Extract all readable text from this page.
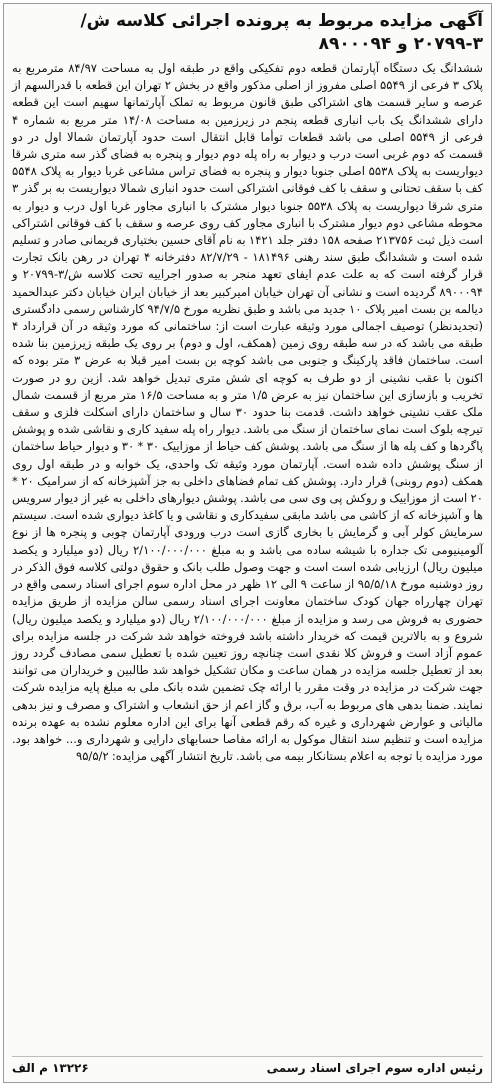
آگهی مزایده مربوط به پرونده اجرائی کلاسه ش/ ۳-۲۰۷۹۹ و ۸۹۰۰۰۹۴
ششدانگ یک دستگاه آپارتمان قطعه دوم تفکیکی واقع در طبقه اول به مساحت ۸۴/۹۷ مترمربع به پلاک ۳ فرعی از ۵۵۴۹ اصلی مفروز از اصلی مذکور واقع در بخش ۲ تهران این قطعه با قدرالسهم از عرصه و سایر قسمت های اشتراکی طبق قانون مربوط به تملک آپارتمانها سهیم است این قطعه دارای ششدانگ یک باب انباری قطعه پنجم در زیرزمین به مساحت ۱۴/۰۸ متر مربع به شماره ۴ فرعی از ۵۵۴۹ اصلی می باشد قطعات توأما قابل انتقال است حدود آپارتمان شمالا اول در دو قسمت که دوم غربی است درب و دیوار به راه پله دوم دیوار و پنجره به فضای گذر سه متری شرقا دیواریست به پلاک ۵۵۳۸ اصلی جنوبا دیوار و پنجره به فضای تراس مشاعی غربا دیوار به پلاک ۵۵۴۸ کف با سقف تحتانی و سقف با کف فوقانی اشتراکی است حدود انباری شمالا دیواریست به بر گذر ۳ متری شرقا دیواریست به پلاک ۵۵۳۸ جنوبا دیوار مشترک با انباری مجاور غربا اول درب و دیوار به محوطه مشاعی دوم دیوار مشترک با انباری مجاور کف روی عرصه و سقف با کف فوقانی اشتراکی است ذیل ثبت ۲۱۳۷۵۶ صفحه ۱۵۸ دفتر جلد ۱۴۲۱ به نام آقای حسین بختیاری فریمانی صادر و تسلیم شده است و ششدانگ طبق سند رهنی ۱۸۱۴۹۶ - ۸۲/۷/۲۹ دفترخانه ۴ تهران در رهن بانک تجارت قرار گرفته است که به علت عدم ایفای تعهد منجر به صدور اجراییه تحت کلاسه ش/۳-۲۰۷۹۹ و ۸۹۰۰۰۹۴ گردیده است و نشانی آن تهران خیابان امیرکبیر بعد از خیابان ایران خیابان دکتر عبدالحمید دیالمه بن بست امیر پلاک ۱۰ جدید می باشد و طبق نظریه مورخ ۹۴/۷/۵ کارشناس رسمی دادگستری (تجدیدنظر) توصیف اجمالی مورد وثیقه عبارت است از: ساختمانی که مورد وثیقه در آن قرارداد ۴ طبقه می باشد که در سه طبقه روی زمین (همکف، اول و دوم) بر روی یک طبقه زیرزمین بنا شده است. ساختمان فاقد پارکینگ و جنوبی می باشد کوچه بن بست امیر قبلا به عرض ۳ متر بوده که اکنون با عقب نشینی از دو طرف به کوچه ای شش متری تبدیل خواهد شد. ازین رو در صورت تخریب و بازسازی این ساختمان نیز به عرض ۱/۵ متر و به مساحت ۱۶/۵ متر مربع از قسمت شمال ملک عقب نشینی خواهد داشت. قدمت بنا حدود ۳۰ سال و ساختمان دارای اسکلت فلزی و سقف تیرچه بلوک است نمای ساختمان از سنگ می باشد. دیوار راه پله سفید کاری و نقاشی شده و پوشش پاگردها و کف پله ها از سنگ می باشد. پوشش کف حیاط از موزاییک ۳۰ * ۳۰ و دیوار حیاط ساختمان از سنگ پوشش داده شده است. آپارتمان مورد وثیقه تک واحدی، یک خوابه و در طبقه اول روی همکف (دوم روبنی) قرار دارد. پوشش کف تمام فضاهای داخلی به جز آشپزخانه که از سرامیک ۲۰ * ۲۰ است از موزاییک و روکش پی وی سی می باشد. پوشش دیوارهای داخلی به غیر از دیوار سرویس ها و آشپزخانه که از کاشی می باشد مابقی سفیدکاری و نقاشی و یا کاغذ دیواری شده است. سیستم سرمایش کولر آبی و گرمایش با بخاری گازی است درب ورودی آپارتمان چوبی و پنجره ها از نوع آلومینیومی تک جداره با شیشه ساده می باشد و به مبلغ ۲/۱۰۰/۰۰۰/۰۰۰ ریال (دو میلیارد و یکصد میلیون ریال) ارزیابی شده است است و جهت وصول طلب بانک و حقوق دولتی کلاسه فوق الذکر در روز دوشنبه مورخ ۹۵/۵/۱۸ از ساعت ۹ الی ۱۲ ظهر در محل اداره سوم اجرای اسناد رسمی واقع در تهران چهارراه جهان کودک ساختمان معاونت اجرای اسناد رسمی سالن مزایده از طریق مزایده حضوری به فروش می رسد و مزایده از مبلغ ۲/۱۰۰/۰۰۰/۰۰۰ ریال (دو میلیارد و یکصد میلیون ریال) شروع و به بالاترین قیمت که خریدار داشته باشد فروخته خواهد شد شرکت در جلسه مزایده برای عموم آزاد است و فروش کلا نقدی است چنانچه روز تعیین شده با تعطیل سمی مصادف گردد روز بعد از تعطیل جلسه مزایده در همان ساعت و مکان تشکیل خواهد شد طالبین و خریداران می توانند جهت شرکت در مزایده در وقت مقرر با ارائه چک تضمین شده بانک ملی به مبلغ پایه مزایده شرکت نمایند. ضمنا بدهی های مربوط به آب، برق و گاز اعم از حق انشعاب و اشتراک و مصرف و نیز بدهی مالیاتی و عوارض شهرداری و غیره که رقم قطعی آنها برای این اداره معلوم نشده به عهده برنده مزایده است و تنظیم سند انتقال موکول به ارائه مفاصا حسابهای دارایی و شهرداری و... خواهد بود. مورد مزایده با توجه به اعلام بستانکار بیمه می باشد. تاریخ انتشار آگهی مزایده: ۹۵/۵/۲
رئیس اداره سوم اجرای اسناد رسمی
۱۳۲۲۶ م الف
